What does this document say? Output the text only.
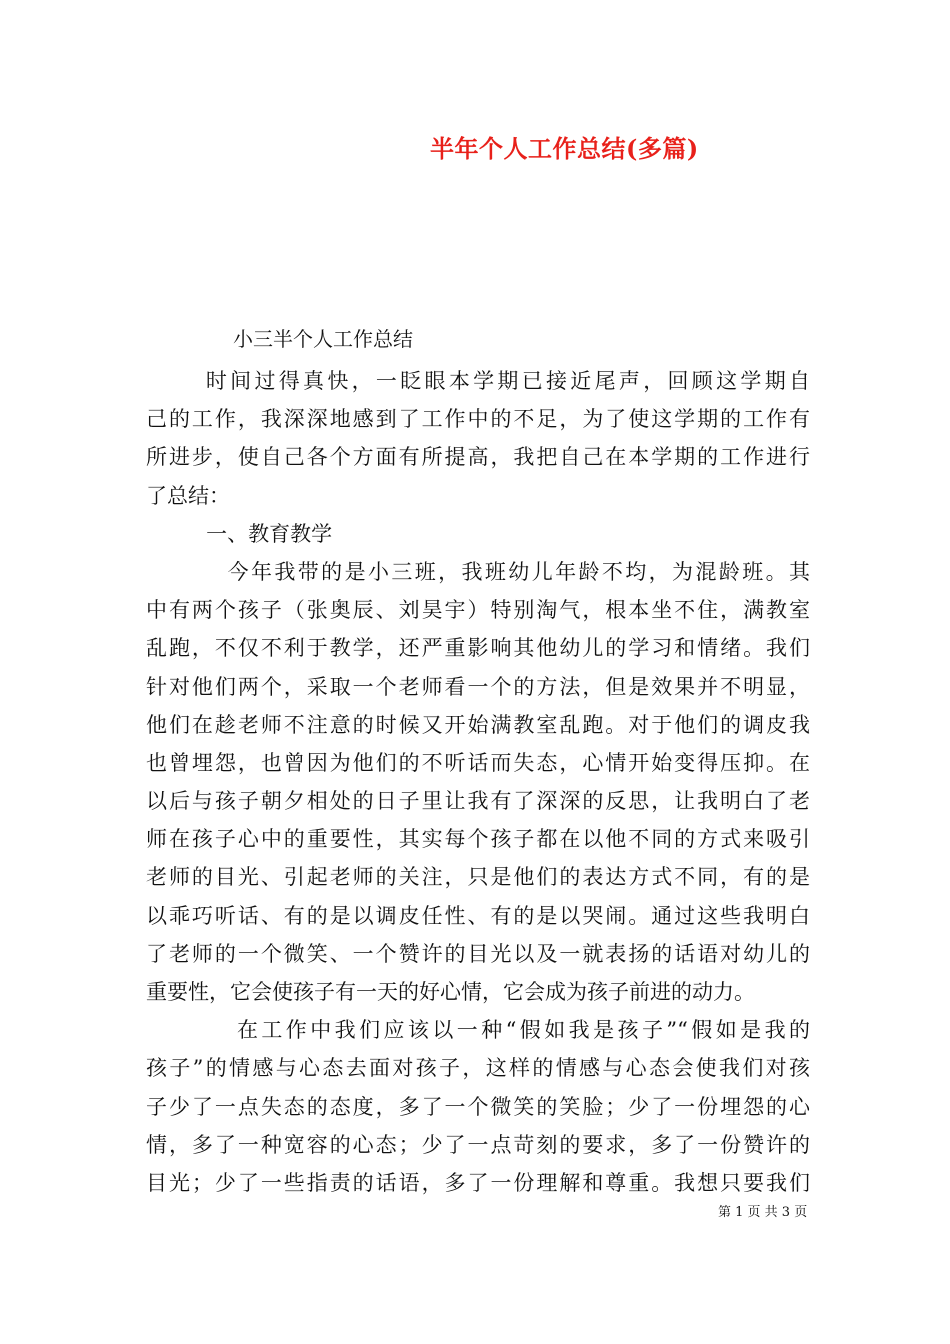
半年个人工作总结(多篇)
小三半个人工作总结
时间过得真快，一眨眼本学期已接近尾声，回顾这学期自
己的工作，我深深地感到了工作中的不足，为了使这学期的工作有
所进步，使自己各个方面有所提高，我把自己在本学期的工作进行
了总结：
一、教育教学
今年我带的是小三班，我班幼儿年龄不均，为混龄班。其
中有两个孩子（张奥辰、刘昊宇）特别淘气，根本坐不住，满教室
乱跑，不仅不利于教学，还严重影响其他幼儿的学习和情绪。我们
针对他们两个，采取一个老师看一个的方法，但是效果并不明显，
他们在趁老师不注意的时候又开始满教室乱跑。对于他们的调皮我
也曾埋怨，也曾因为他们的不听话而失态，心情开始变得压抑。在
以后与孩子朝夕相处的日子里让我有了深深的反思，让我明白了老
师在孩子心中的重要性，其实每个孩子都在以他不同的方式来吸引
老师的目光、引起老师的关注，只是他们的表达方式不同，有的是
以乖巧听话、有的是以调皮任性、有的是以哭闹。通过这些我明白
了老师的一个微笑、一个赞许的目光以及一就表扬的话语对幼儿的
重要性，它会使孩子有一天的好心情，它会成为孩子前进的动力。
在工作中我们应该以一种“假如我是孩子”“假如是我的
孩子”的情感与心态去面对孩子，这样的情感与心态会使我们对孩
子少了一点失态的态度，多了一个微笑的笑脸；少了一份埋怨的心
情，多了一种宽容的心态；少了一点苛刻的要求，多了一份赞许的
目光；少了一些指责的话语，多了一份理解和尊重。我想只要我们
第 1 页 共 3 页
